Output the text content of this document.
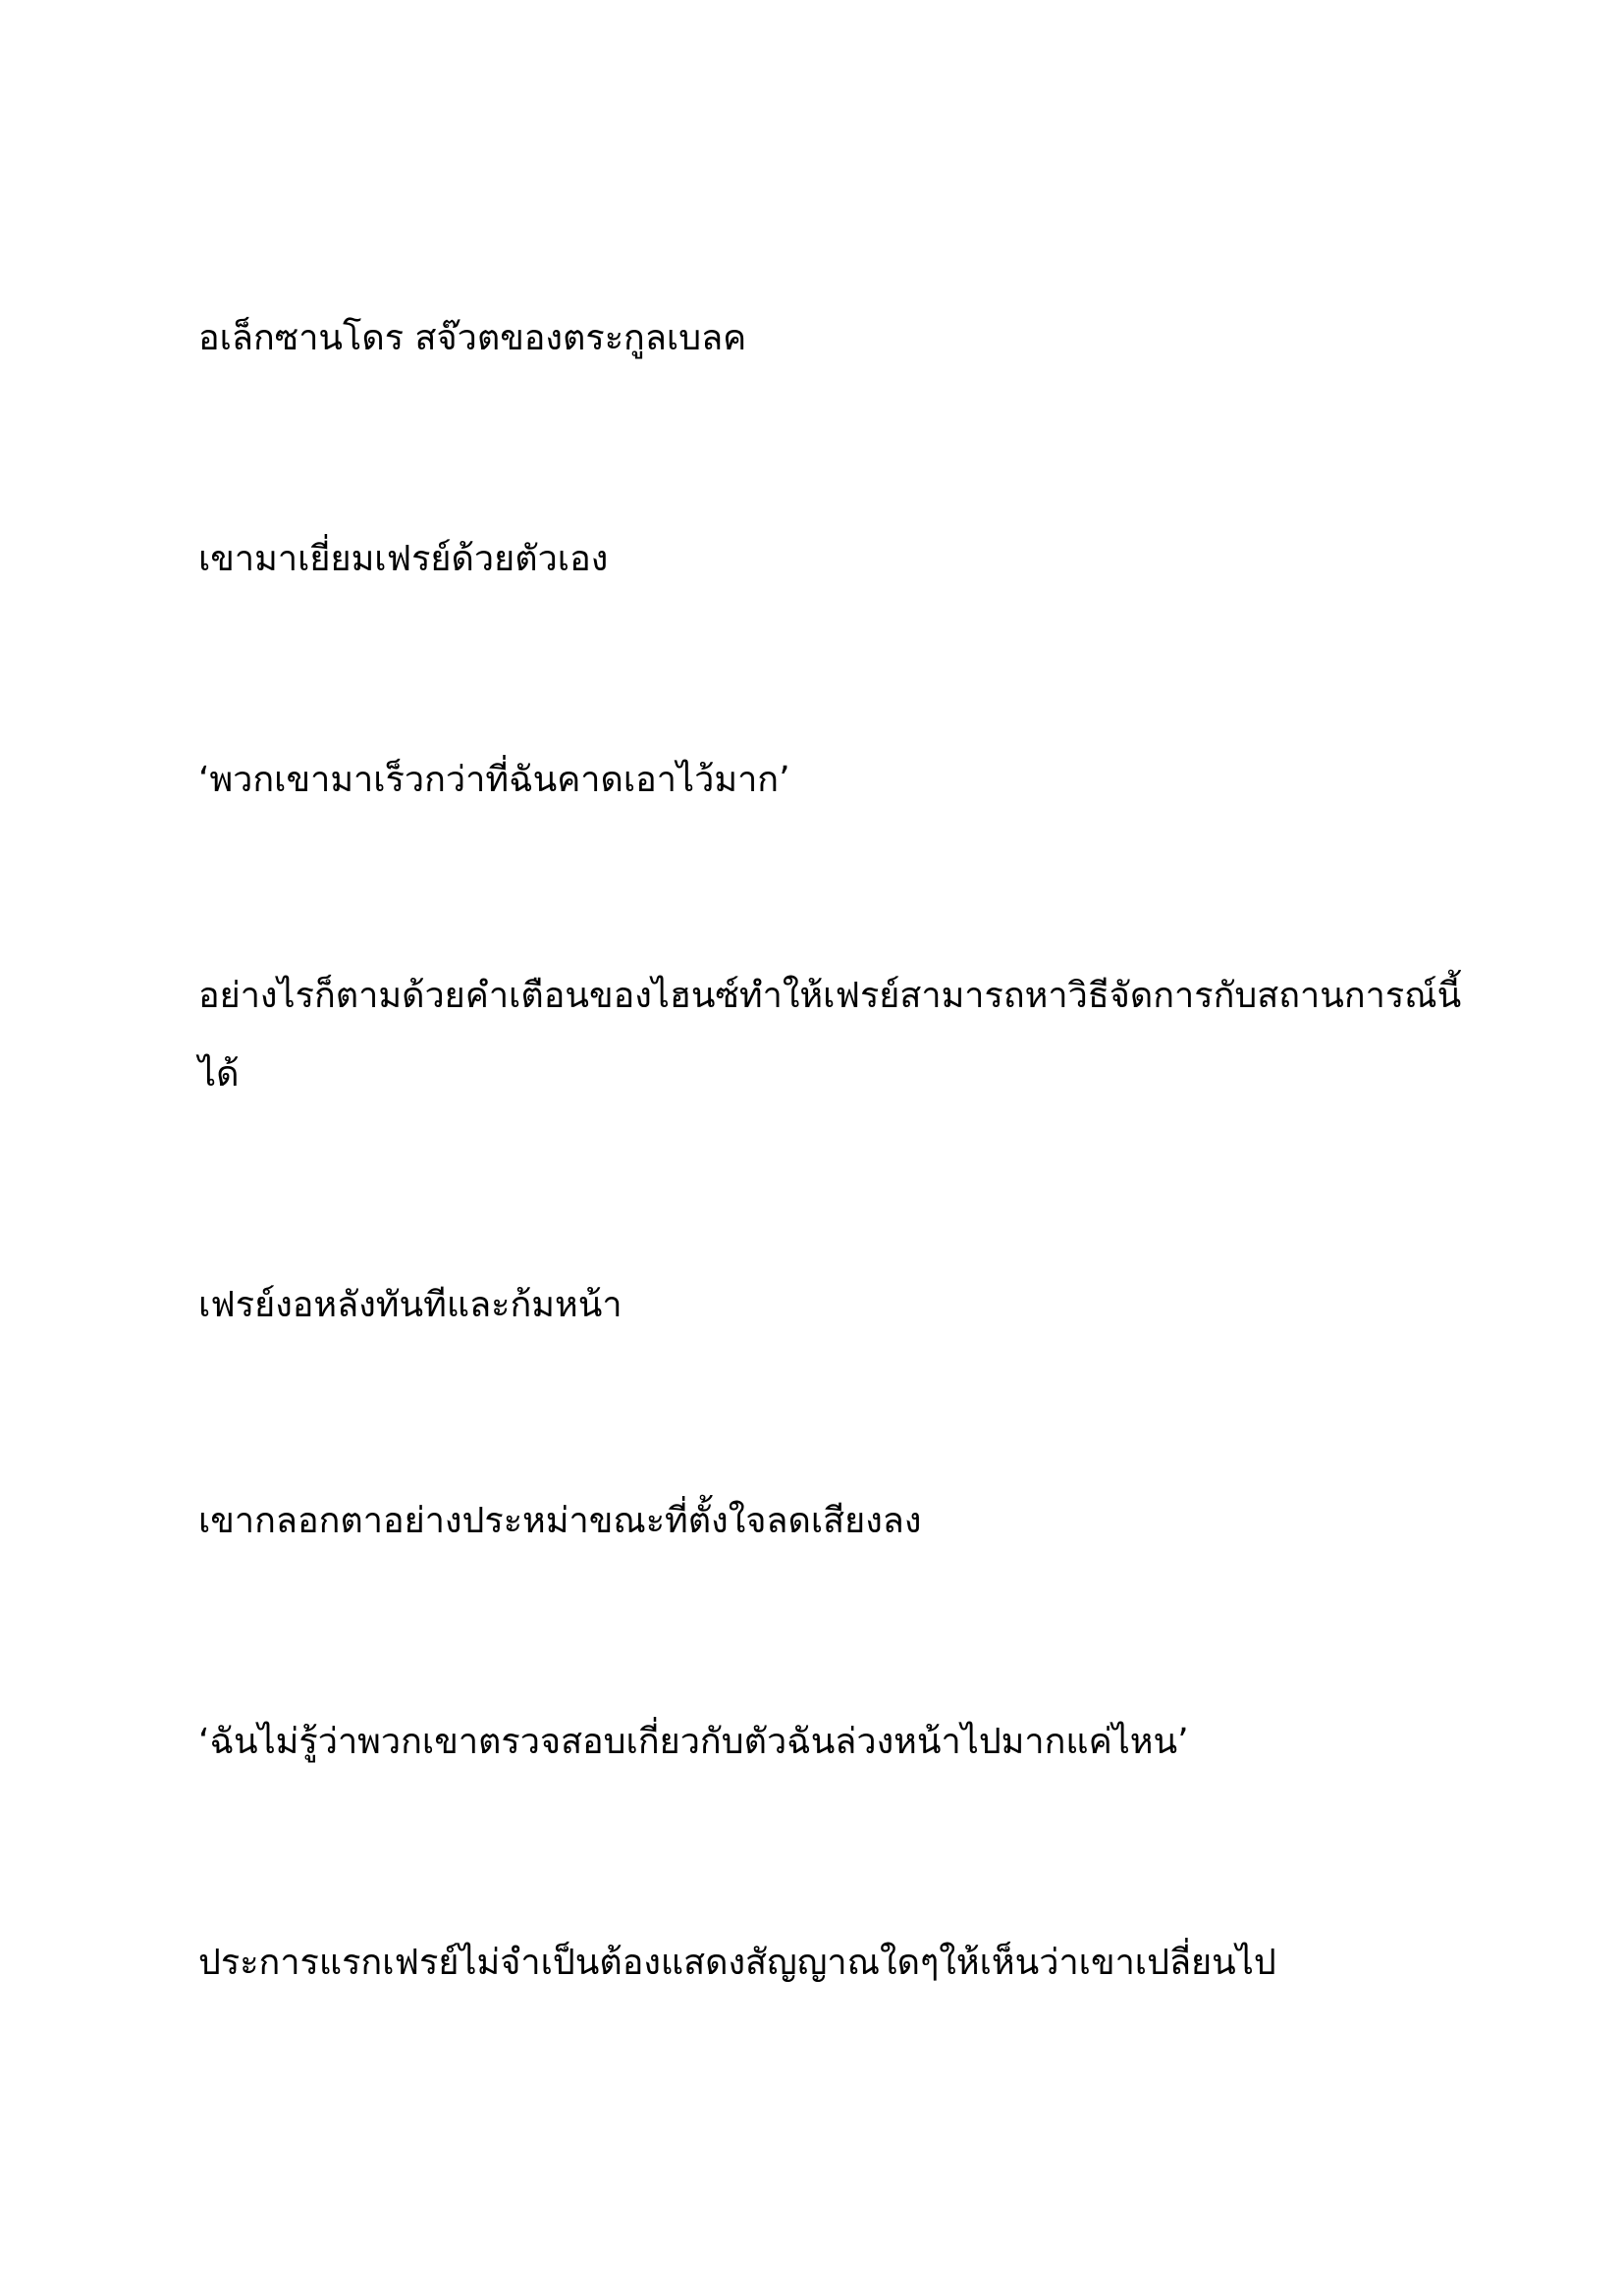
อเล็กซานโดร สจ๊วตของตระกูลเบลค

เขามาเยี่ยมเฟรย์ด้วยตัวเอง

‘พวกเขามาเร็วกว่าที่ฉันคาดเอาไว้มาก’

อย่างไรก็ตามด้วยคำเตือนของไฮนซ์ทำให้เฟรย์สามารถหาวิธีจัดการกับสถานการณ์นี้ได้

เฟรย์งอหลังทันทีและก้มหน้า

เขากลอกตาอย่างประหม่าขณะที่ตั้งใจลดเสียงลง

‘ฉันไม่รู้ว่าพวกเขาตรวจสอบเกี่ยวกับตัวฉันล่วงหน้าไปมากแค่ไหน’

ประการแรกเฟรย์ไม่จำเป็นต้องแสดงสัญญาณใดๆให้เห็นว่าเขาเปลี่ยนไป
